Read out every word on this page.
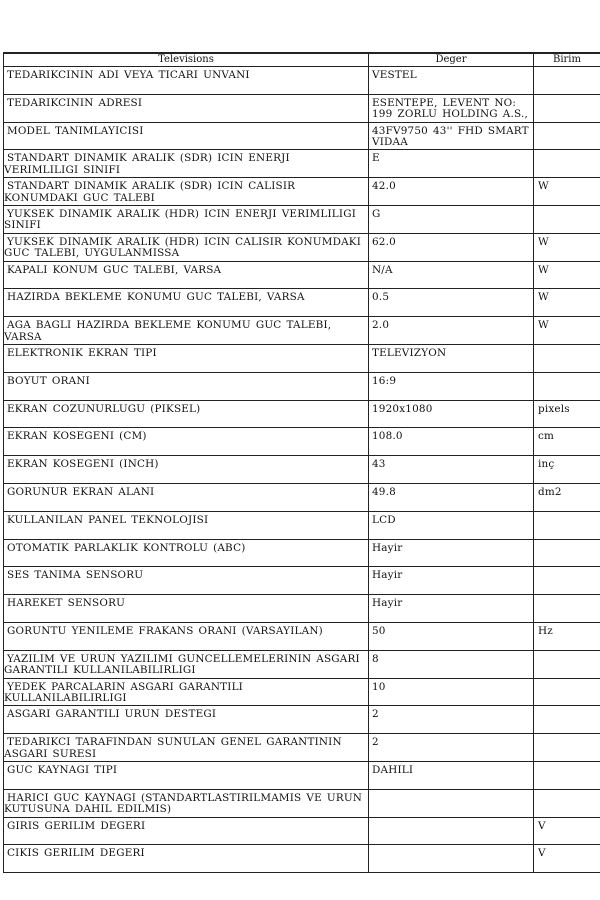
Televisions	Deger	Birim
TEDARIKCININ ADI VEYA TICARI UNVANI	VESTEL	
TEDARIKCININ ADRESI	ESENTEPE, LEVENT NO: 199 ZORLU HOLDING A.S.,	
MODEL TANIMLAYICISI	43FV9750 43'' FHD SMART VIDAA	
STANDART DINAMIK ARALIK (SDR) ICIN ENERJI VERIMLILIGI SINIFI	E	
STANDART DINAMIK ARALIK (SDR) ICIN CALISIR KONUMDAKI GUC TALEBI	42.0	W
YUKSEK DINAMIK ARALIK (HDR) ICIN ENERJI VERIMLILIGI SINIFI	G	
YUKSEK DINAMIK ARALIK (HDR) ICIN CALISIR KONUMDAKI GUC TALEBI, UYGULANMISSA	62.0	W
KAPALI KONUM GUC TALEBI, VARSA	N/A	W
HAZIRDA BEKLEME KONUMU GUC TALEBI, VARSA	0.5	W
AGA BAGLI HAZIRDA BEKLEME KONUMU GUC TALEBI, VARSA	2.0	W
ELEKTRONIK EKRAN TIPI	TELEVIZYON	
BOYUT ORANI	16:9	
EKRAN COZUNURLUGU (PIKSEL)	1920x1080	pixels
EKRAN KOSEGENI (CM)	108.0	cm
EKRAN KOSEGENI (INCH)	43	inç
GORUNUR EKRAN ALANI	49.8	dm2
KULLANILAN PANEL TEKNOLOJISI	LCD	
OTOMATIK PARLAKLIK KONTROLU (ABC)	Hayir	
SES TANIMA SENSORU	Hayir	
HAREKET SENSORU	Hayir	
GORUNTU YENILEME FRAKANS ORANI (VARSAYILAN)	50	Hz
YAZILIM VE URUN YAZILIMI GUNCELLEMELERININ ASGARI GARANTILI KULLANILABILIRLIGI	8	
YEDEK PARCALARIN ASGARI GARANTILI KULLANILABILIRLIGI	10	
ASGARI GARANTILI URUN DESTEGI	2	
TEDARIKCI TARAFINDAN SUNULAN GENEL GARANTININ ASGARI SURESI	2	
GUC KAYNAGI TIPI	DAHILI	
HARICI GUC KAYNAGI (STANDARTLASTIRILMAMIS VE URUN KUTUSUNA DAHIL EDILMIS)		
GIRIS GERILIM DEGERI		V
CIKIS GERILIM DEGERI		V
